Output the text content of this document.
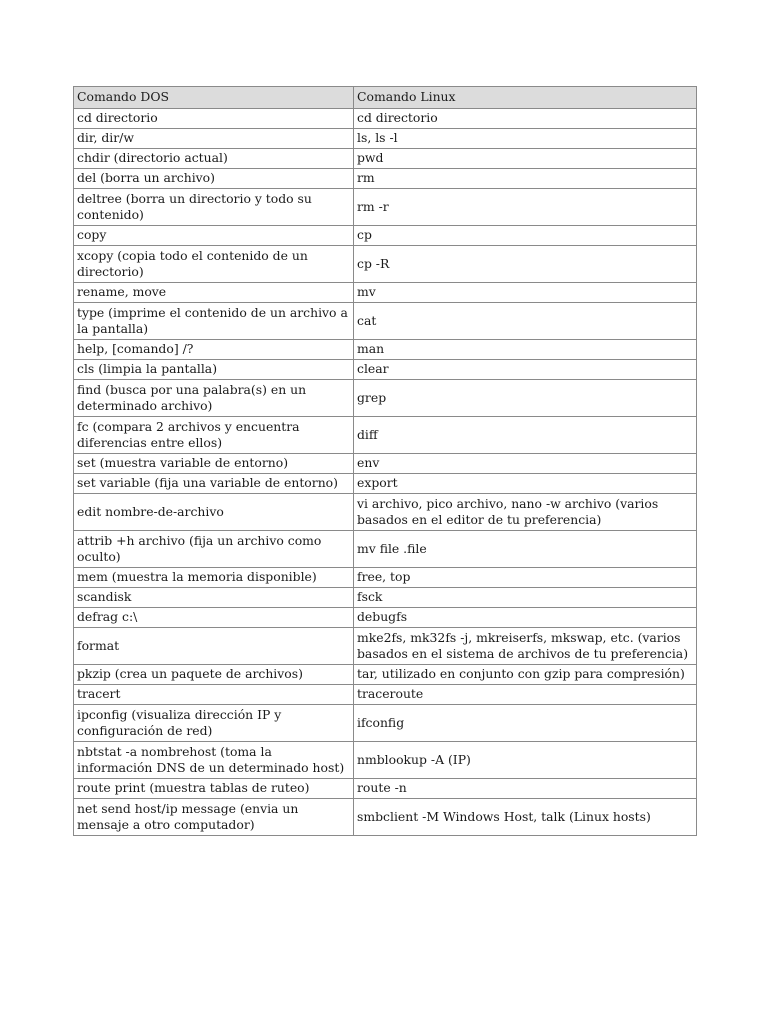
Comando DOS	Comando Linux
cd directorio	cd directorio
dir, dir/w	ls, ls -l
chdir (directorio actual)	pwd
del (borra un archivo)	rm
deltree (borra un directorio y todo su contenido)	rm -r
copy	cp
xcopy (copia todo el contenido de un directorio)	cp -R
rename, move	mv
type (imprime el contenido de un archivo a la pantalla)	cat
help, [comando] /?	man
cls (limpia la pantalla)	clear
find (busca por una palabra(s) en un determinado archivo)	grep
fc (compara 2 archivos y encuentra diferencias entre ellos)	diff
set (muestra variable de entorno)	env
set variable (fija una variable de entorno)	export
edit nombre-de-archivo	vi archivo, pico archivo, nano -w archivo (varios basados en el editor de tu preferencia)
attrib +h archivo (fija un archivo como oculto)	mv file .file
mem (muestra la memoria disponible)	free, top
scandisk	fsck
defrag c:\	debugfs
format	mke2fs, mk32fs -j, mkreiserfs, mkswap, etc. (varios basados en el sistema de archivos de tu preferencia)
pkzip (crea un paquete de archivos)	tar, utilizado en conjunto con gzip para compresión)
tracert	traceroute
ipconfig (visualiza dirección IP y configuración de red)	ifconfig
nbtstat -a nombrehost (toma la información DNS de un determinado host)	nmblookup -A (IP)
route print (muestra tablas de ruteo)	route -n
net send host/ip message (envia un mensaje a otro computador)	smbclient -M Windows Host, talk (Linux hosts)
